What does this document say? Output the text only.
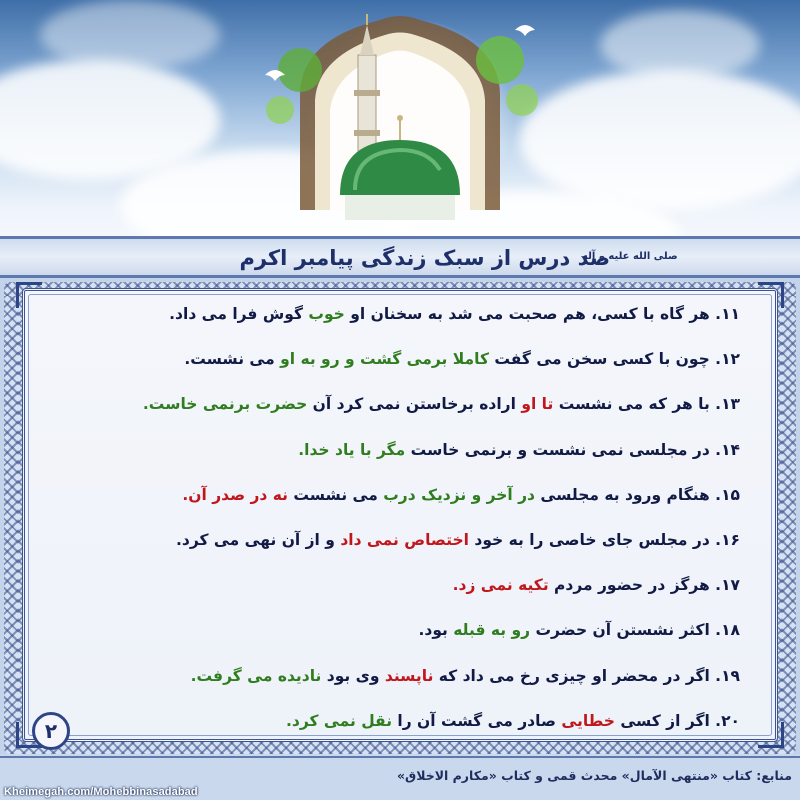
صد درس از سبک زندگی پیامبر اکرم
صلی الله علیه و آله
۱۱. هر گاه با کسی، هم صحبت می شد به سخنان او خوب گوش فرا می داد.
۱۲. چون با کسی سخن می گفت کاملا برمی گشت و رو به او می نشست.
۱۳. با هر که می نشست تا او اراده برخاستن نمی کرد آن حضرت برنمی خاست.
۱۴. در مجلسی نمی نشست و برنمی خاست مگر با یاد خدا.
۱۵. هنگام ورود به مجلسی در آخر و نزدیک درب می نشست نه در صدر آن.
۱۶. در مجلس جای خاصی را به خود اختصاص نمی داد و از آن نهی می کرد.
۱۷. هرگز در حضور مردم تکیه نمی زد.
۱۸. اکثر نشستن آن حضرت رو به قبله بود.
۱۹. اگر در محضر او چیزی رخ می داد که ناپسند وی بود نادیده می گرفت.
۲۰. اگر از کسی خطایی صادر می گشت آن را نقل نمی کرد.
۲
منابع: کتاب «منتهی الآمال» محدث قمی و کتاب «مکارم الاخلاق»
Kheimegah.com/Mohebbinasadabad
